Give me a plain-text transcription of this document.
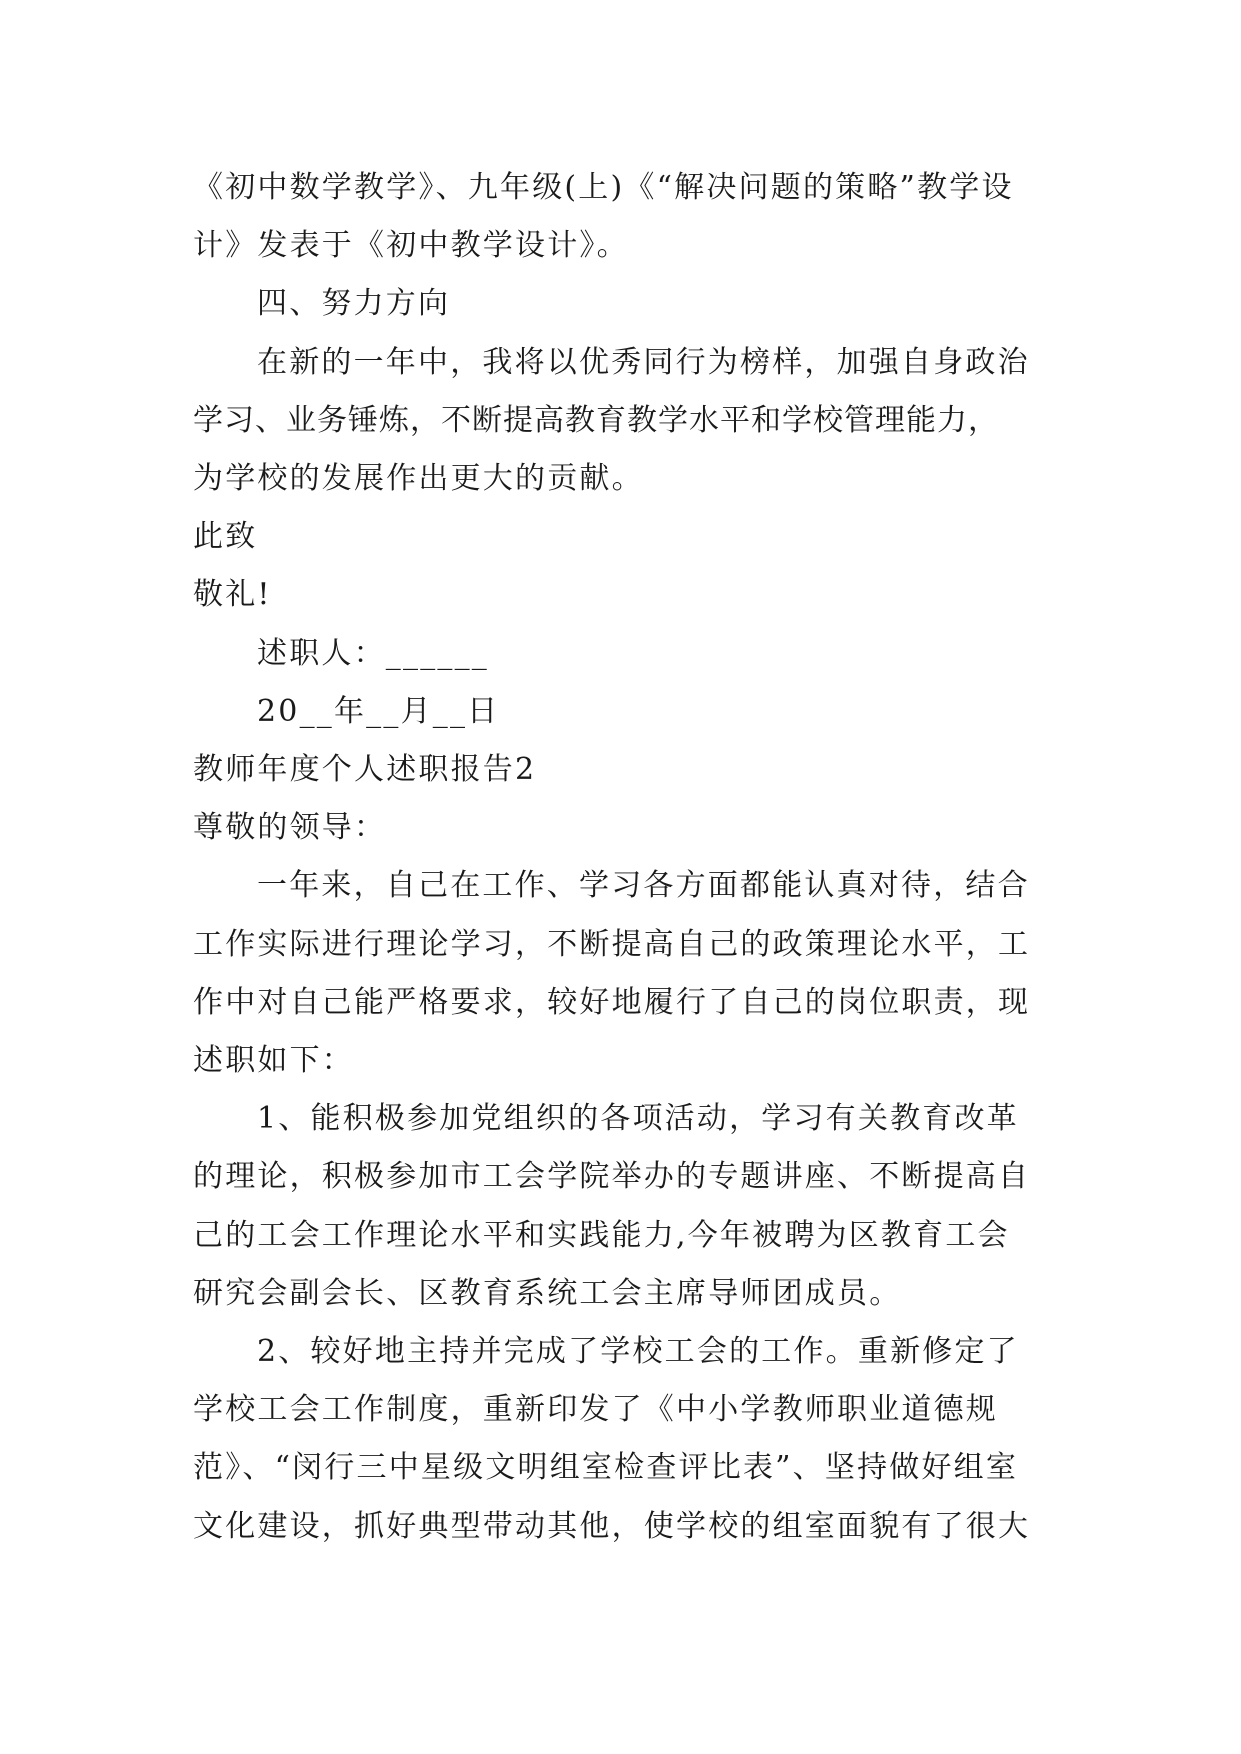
《初中数学教学》、九年级(上)《“解决问题的策略”教学设
计》发表于《初中教学设计》。
四、努力方向
在新的一年中，我将以优秀同行为榜样，加强自身政治
学习、业务锤炼，不断提高教育教学水平和学校管理能力，
为学校的发展作出更大的贡献。
此致
敬礼!
述职人：______
20__年__月__日
教师年度个人述职报告2
尊敬的领导：
一年来，自己在工作、学习各方面都能认真对待，结合
工作实际进行理论学习，不断提高自己的政策理论水平，工
作中对自己能严格要求，较好地履行了自己的岗位职责，现
述职如下：
1、能积极参加党组织的各项活动，学习有关教育改革
的理论，积极参加市工会学院举办的专题讲座、不断提高自
己的工会工作理论水平和实践能力,今年被聘为区教育工会
研究会副会长、区教育系统工会主席导师团成员。
2、较好地主持并完成了学校工会的工作。重新修定了
学校工会工作制度，重新印发了《中小学教师职业道德规
范》、“闵行三中星级文明组室检查评比表”、坚持做好组室
文化建设，抓好典型带动其他，使学校的组室面貌有了很大
